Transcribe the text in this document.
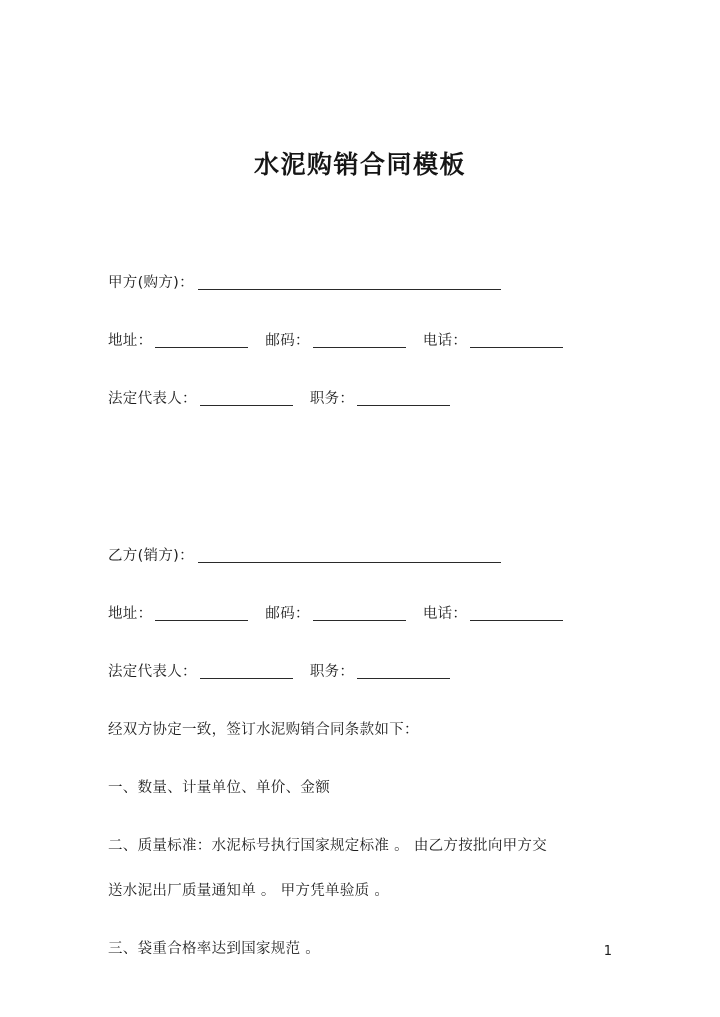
水泥购销合同模板
甲方(购方)：
地址：	邮码：	电话：
法定代表人：	职务：
乙方(销方)：
地址：	邮码：	电话：
法定代表人：	职务：
经双方协定一致，签订水泥购销合同条款如下：
一、数量、计量单位、单价、金额
二、质量标准：水泥标号执行国家规定标准 。 由乙方按批向甲方交
送水泥出厂质量通知单 。 甲方凭单验质 。
三、袋重合格率达到国家规范 。	1
